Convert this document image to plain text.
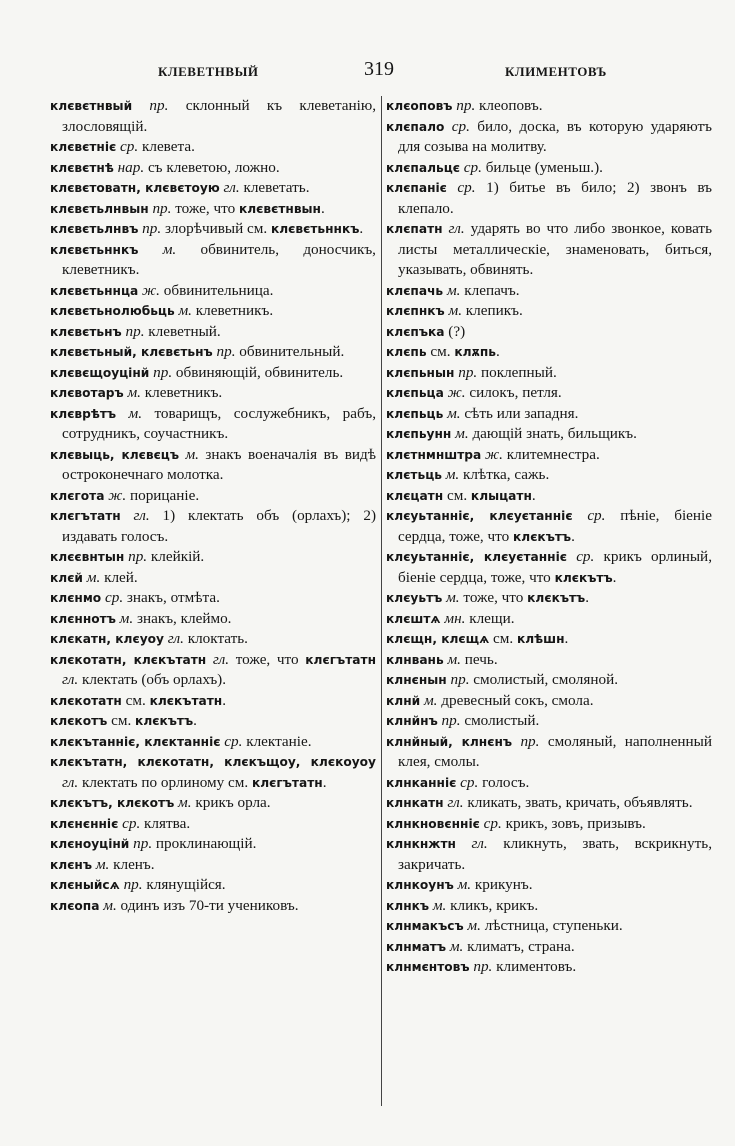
КЛЕВЕТНВЫЙ	319	КЛИМЕНТОВЪ

клєвєтнвый пр. склонный къ клеветанію, злословящій.

клєвєтніє ср. клевета.

клєвєтнѣ нар. съ клеветою, ложно.

клєвєтоватн, клєвєтоую гл. клеветать.

клєвєтьлнвын пр. тоже, что клєвєтнвын.

клєвєтьлнвъ пр. злорѣчивый см. клєвєтьннкъ.

клєвєтьннкъ м. обвинитель, доносчикъ, клеветникъ.

клєвєтьннца ж. обвинительница.

клєвєтьнолюбьць м. клеветникъ.

клєвєтьнъ пр. клеветный.

клєвєтьный, клєвєтьнъ пр. обвинительный.

клєвєщоуцінй пр. обвиняющій, обвинитель.

клєвотаръ м. клеветникъ.

клєврѣтъ м. товарищъ, сослужебникъ, рабъ, сотрудникъ, соучастникъ.

клєвыць, клєвєцъ м. знакъ военачалія въ видѣ остроконечнаго молотка.

клєгота ж. порицаніе.

клєгътатн гл. 1) клектать объ (орлахъ); 2) издавать голосъ.

клєєвнтын пр. клейкій.

клєй м. клей.

клєнмо ср. знакъ, отмѣта.

клєннотъ м. знакъ, клеймо.

клєкатн, клєуоу гл. клоктать.

клєкотатн, клєкътатн гл. тоже, что клєгътатн гл. клектать (объ орлахъ).

клєкотатн см. клєкътатн.

клєкотъ см. клєкътъ.

клєкътанніє, клєктанніє ср. клектаніе.

клєкътатн, клєкотатн, клєкъщоу, клєкоуоу гл. клектать по орлиному см. клєгътатн.

клєкътъ, клєкотъ м. крикъ орла.

клєнєнніє ср. клятва.

клєноуцінй пр. проклинающій.

клєнъ м. кленъ.

клєныйсѧ пр. клянущійся.

клєопа м. одинъ изъ 70-ти учениковъ.

клєоповъ пр. клеоповъ.

клєпало ср. било, доска, въ которую ударяютъ для созыва на молитву.

клєпальцє ср. бильце (уменьш.).

клєпаніє ср. 1) битье въ било; 2) звонъ въ клепало.

клєпатн гл. ударять во что либо звонкое, ковать листы металлическіе, знаменовать, биться, указывать, обвинять.

клєпачь м. клепачъ.

клєпнкъ м. клепикъ.

клєпъка (?)

клєпь см. клѫпь.

клєпьнын пр. поклепный.

клєпьца ж. силокъ, петля.

клєпьць м. сѣть или западня.

клєпьунн м. дающій знать, бильщикъ.

клєтнмнштра ж. клитемнестра.

клєтьць м. клѣтка, сажь.

клєцатн см. клыцатн.

клєуьтанніє, клєуєтанніє ср. пѣніе, біеніе сердца, тоже, что клєкътъ.

клєуьтанніє, клєуєтанніє ср. крикъ орлиный, біеніе сердца, тоже, что клєкътъ.

клєуьтъ м. тоже, что клєкътъ.

клєштѧ мн. клещи.

клєщн, клєщѧ см. клѣшн.

клнвань м. печь.

клнєнын пр. смолистый, смоляной.

клнй м. древесный сокъ, смола.

клнйнъ пр. смолистый.

клнйный, клнєнъ пр. смоляный, наполненный клея, смолы.

клнканніє ср. голосъ.

клнкатн гл. кликать, звать, кричать, объявлять.

клнкновєнніє ср. крикъ, зовъ, призывъ.

клнкнжтн гл. кликнуть, звать, вскрикнуть, закричать.

клнкоунъ м. крикунъ.

клнкъ м. кликъ, крикъ.

клнмакъсъ м. лѣстница, ступеньки.

клнматъ м. климатъ, страна.

клнмєнтовъ пр. климентовъ.
